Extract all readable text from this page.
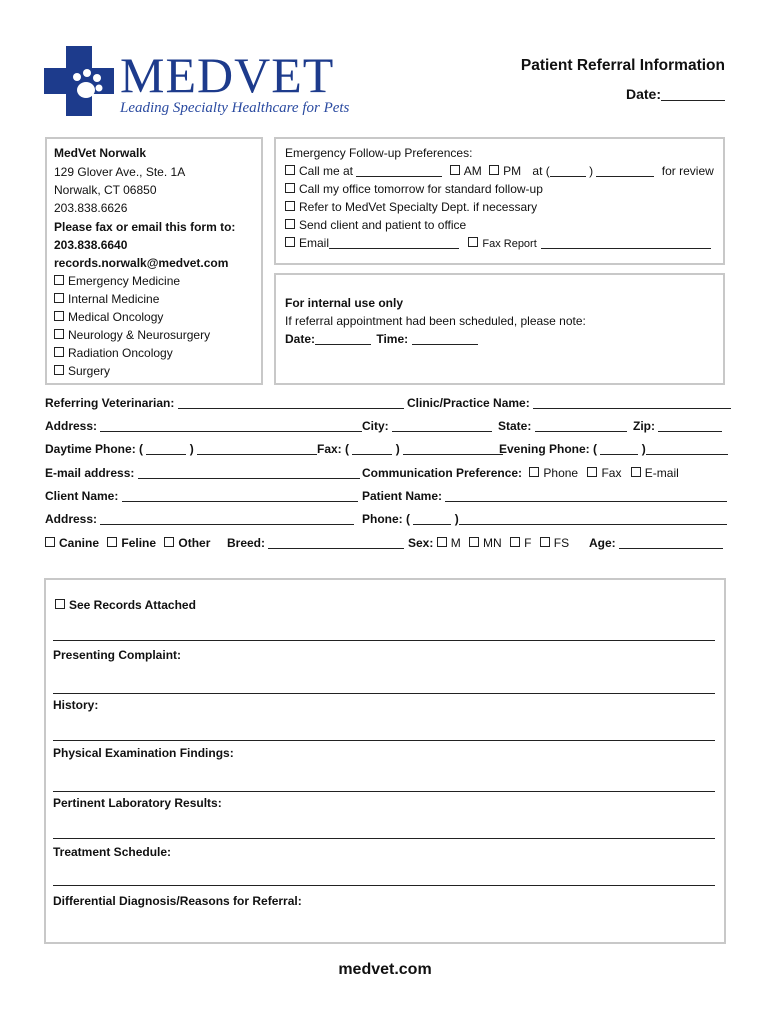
MEDVET
Leading Specialty Healthcare for Pets
Patient Referral Information
Date:
MedVet Norwalk
129 Glover Ave., Ste. 1A
Norwalk, CT 06850
203.838.6626
Please fax or email this form to:
203.838.6640
records.norwalk@medvet.com
Emergency Medicine
Internal Medicine
Medical Oncology
Neurology & Neurosurgery
Radiation Oncology
Surgery
Emergency Follow-up Preferences:
Call me at	AM PM at (	)	for review
Call my office tomorrow for standard follow-up
Refer to MedVet Specialty Dept. if necessary
Send client and patient to office
Email	Fax Report
For internal use only
If referral appointment had been scheduled, please note:
Date:	Time:
Referring Veterinarian:	Clinic/Practice Name:
Address:	City:	State:	Zip:
Daytime Phone: (	)	Fax: (	)	Evening Phone: (	)
E-mail address:	Communication Preference: Phone Fax E-mail
Client Name:	Patient Name:
Address:	Phone: (	)
Canine Feline Other Breed:	Sex: M MN F FS Age:
See Records Attached
Presenting Complaint:
History:
Physical Examination Findings:
Pertinent Laboratory Results:
Treatment Schedule:
Differential Diagnosis/Reasons for Referral:
medvet.com
